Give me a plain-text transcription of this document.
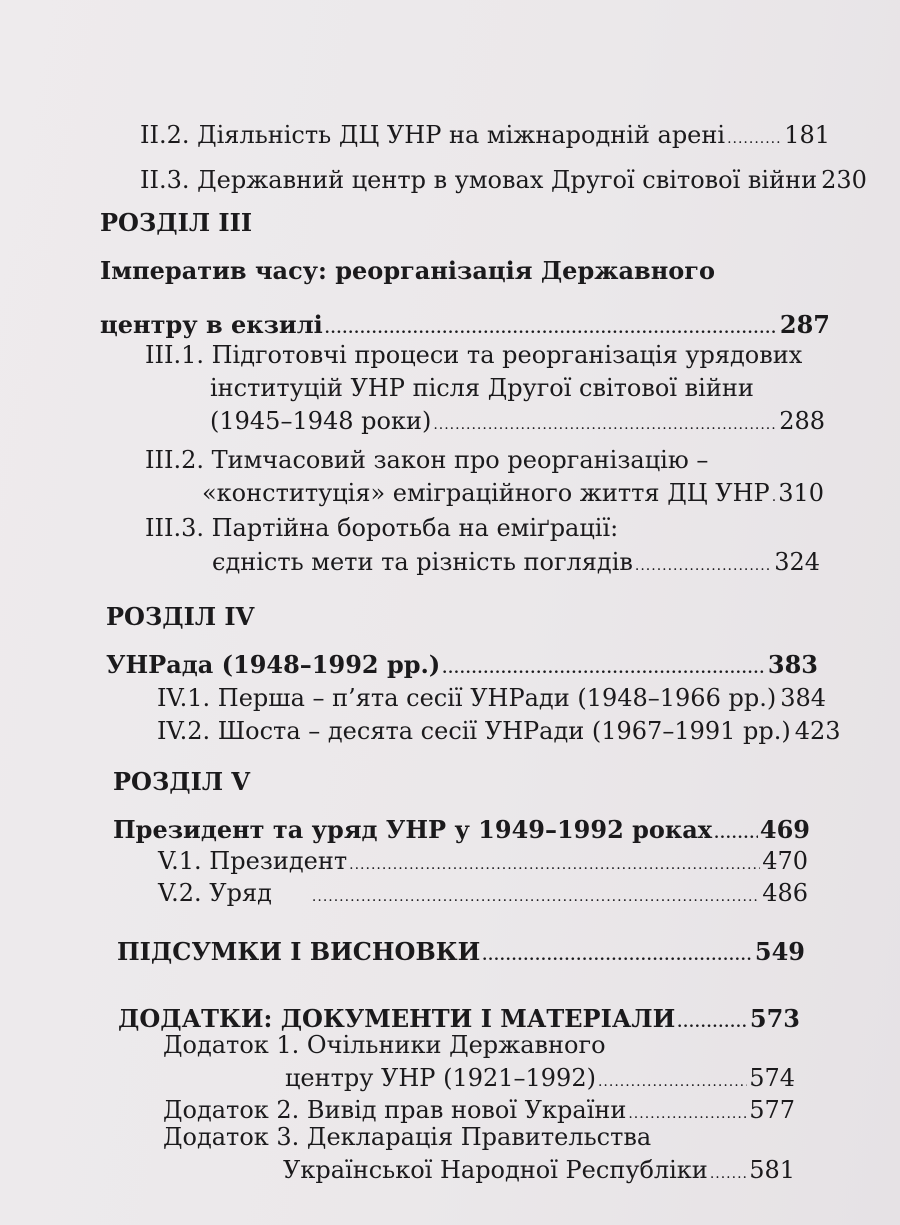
ІІ.2. Діяльність ДЦ УНР на міжнародній арені ..... 181
ІІ.3. Державний центр в умовах Другої світової війни 230
РОЗДІЛ ІІІ
Імператив часу: реорганізація Державного
центру в екзилі .....	287
ІІІ.1. Підготовчі процеси та реорганізація урядових
інституцій УНР після Другої світової війни
(1945–1948 роки) .....	288
ІІІ.2. Тимчасовий закон про реорганізацію –
«конституція» еміграційного життя ДЦ УНР ..... 310
ІІІ.3. Партійна боротьба на еміґрації:
єдність мети та різність поглядів .....	324
РОЗДІЛ IV
УНРада (1948–1992 рр.) .....	383
IV.1. Перша – п’ята сесії УНРади (1948–1966 рр.) 384
IV.2. Шоста – десята сесії УНРади (1967–1991 рр.) 423
РОЗДІЛ V
Президент та уряд УНР у 1949–1992 роках ..... 469
V.1. Президент .....	470
V.2. Уряд .....	486
ПІДСУМКИ І ВИСНОВКИ .....	549
ДОДАТКИ: ДОКУМЕНТИ І МАТЕРІАЛИ .....	573
Додаток 1. Очільники Державного
центру УНР (1921–1992) .....	574
Додаток 2. Вивід прав нової України .....	577
Додаток 3. Декларація Правительства
Української Народної Республіки ..... 581
